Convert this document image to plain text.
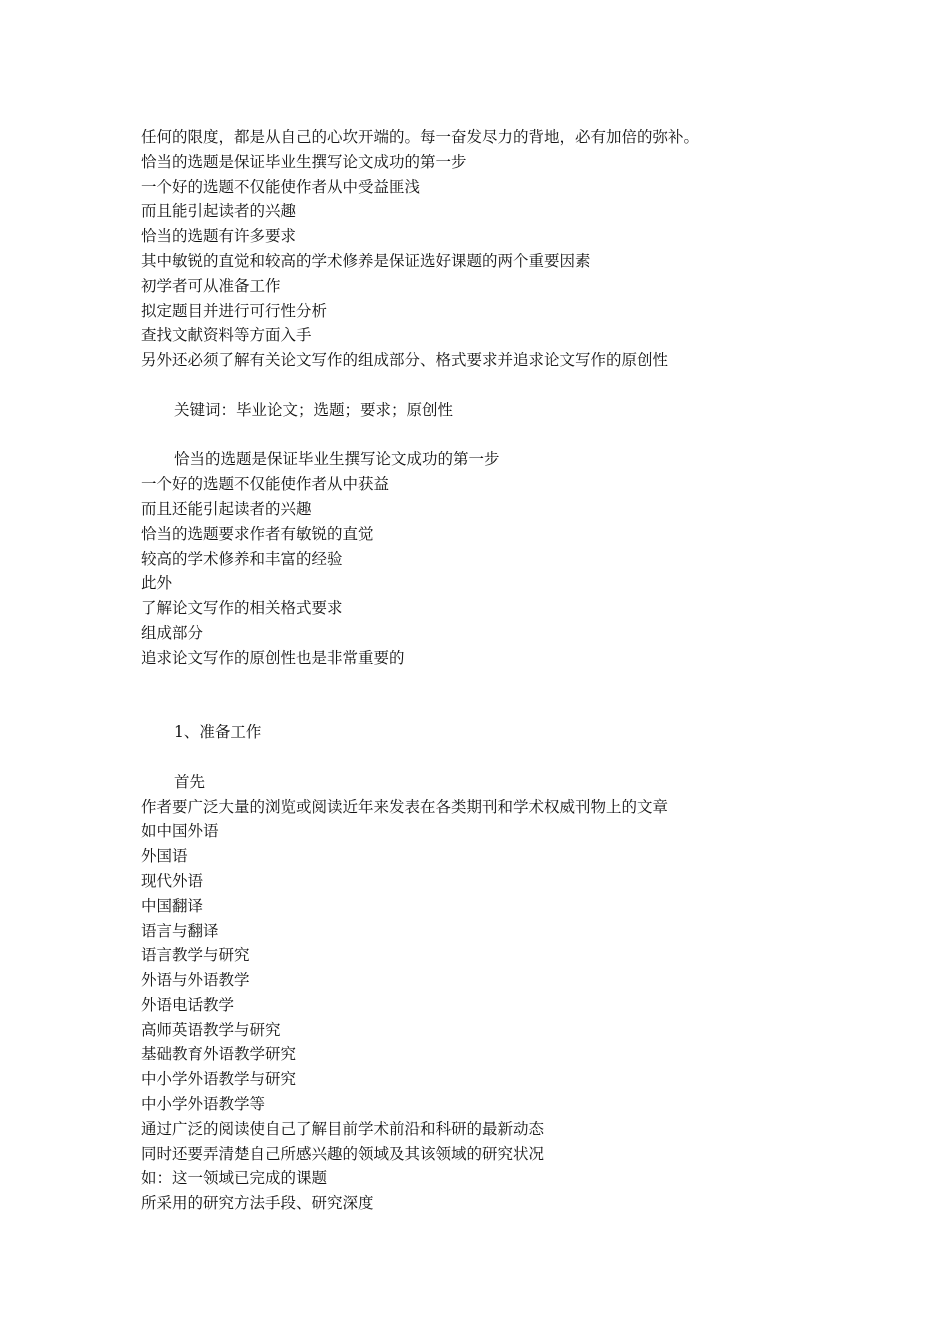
任何的限度，都是从自己的心坎开端的。每一奋发尽力的背地，必有加倍的弥补。
恰当的选题是保证毕业生撰写论文成功的第一步
一个好的选题不仅能使作者从中受益匪浅
而且能引起读者的兴趣
恰当的选题有许多要求
其中敏锐的直觉和较高的学术修养是保证选好课题的两个重要因素
初学者可从准备工作
拟定题目并进行可行性分析
查找文献资料等方面入手
另外还必须了解有关论文写作的组成部分、格式要求并追求论文写作的原创性
关键词：毕业论文；选题；要求；原创性
恰当的选题是保证毕业生撰写论文成功的第一步
一个好的选题不仅能使作者从中获益
而且还能引起读者的兴趣
恰当的选题要求作者有敏锐的直觉
较高的学术修养和丰富的经验
此外
了解论文写作的相关格式要求
组成部分
追求论文写作的原创性也是非常重要的
1、准备工作
首先
作者要广泛大量的浏览或阅读近年来发表在各类期刊和学术权威刊物上的文章
如中国外语
外国语
现代外语
中国翻译
语言与翻译
语言教学与研究
外语与外语教学
外语电话教学
高师英语教学与研究
基础教育外语教学研究
中小学外语教学与研究
中小学外语教学等
通过广泛的阅读使自己了解目前学术前沿和科研的最新动态
同时还要弄清楚自己所感兴趣的领域及其该领域的研究状况
如：这一领域已完成的课题
所采用的研究方法手段、研究深度
